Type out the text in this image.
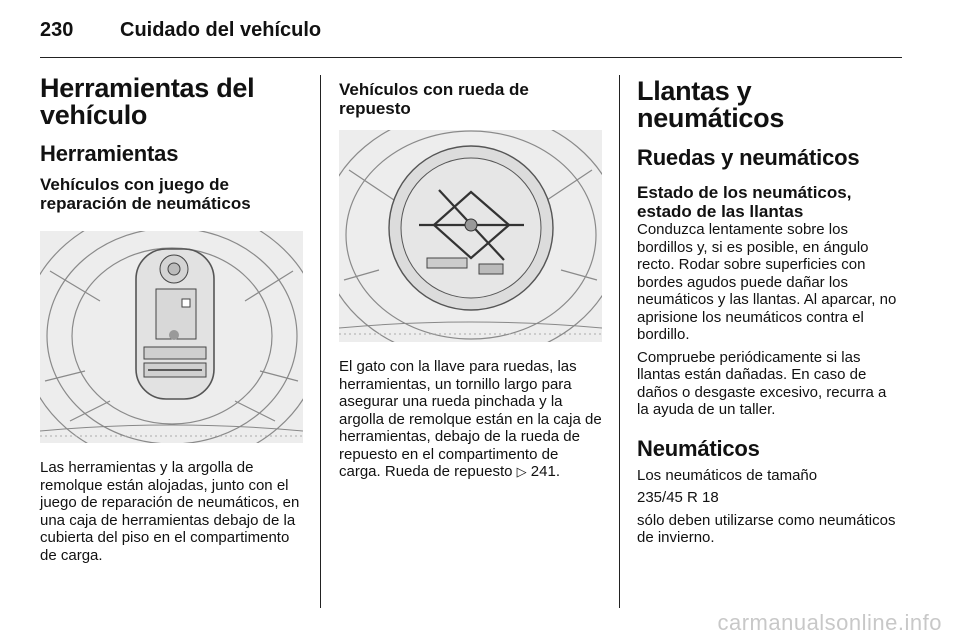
230 Cuidado del vehículo
Herramientas del vehículo
Herramientas
Vehículos con juego de reparación de neumáticos

Las herramientas y la argolla de remolque están alojadas, junto con el juego de reparación de neumáticos, en una caja de herramientas debajo de la cubierta del piso en el compartimento de carga.

Vehículos con rueda de repuesto

El gato con la llave para ruedas, las herramientas, un tornillo largo para asegurar una rueda pinchada y la argolla de remolque están en la caja de herramientas, debajo de la rueda de repuesto en el compartimento de carga. Rueda de repuesto ▷ 241.

Llantas y neumáticos
Ruedas y neumáticos
Estado de los neumáticos, estado de las llantas

Conduzca lentamente sobre los bordillos y, si es posible, en ángulo recto. Rodar sobre superficies con bordes agudos puede dañar los neumáticos y las llantas. Al aparcar, no aprisione los neumáticos contra el bordillo.

Compruebe periódicamente si las llantas están dañadas. En caso de daños o desgaste excesivo, recurra a la ayuda de un taller.

Neumáticos

Los neumáticos de tamaño

235/45 R 18

sólo deben utilizarse como neumáticos de invierno.

carmanualsonline.info
